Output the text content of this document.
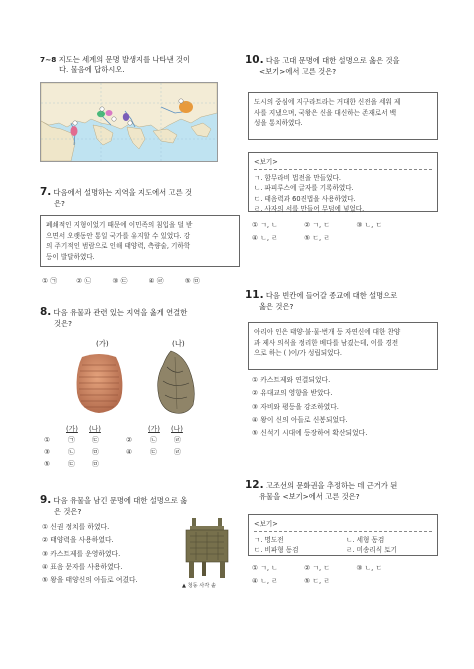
7~8 지도는 세계의 문명 발생지를 나타낸 것이
다. 물음에 답하시오.
7. 다음에서 설명하는 지역을 지도에서 고른 것
은?
폐쇄적인 지형이었기 때문에 이민족의 침입을 덜 받
으면서 오랫동안 통일 국가를 유지할 수 있었다. 강
의 주기적인 범람으로 인해 태양력, 측량술, 기하학
등이 발달하였다.
① ㉠	② ㉡	③ ㉢	④ ㉣	⑤ ㉤
8. 다음 유물과 관련 있는 지역을 옳게 연결한
것은?
(가)	(나)
(가) (나)	(가) (나)
①	㉠	㉢	②	㉡	㉣
③	㉡	㉤	④	㉢	㉣
⑤	㉢	㉤
9. 다음 유물을 남긴 문명에 대한 설명으로 옳
은 것은?
① 신권 정치를 하였다.
② 태양력을 사용하였다.
③ 카스트제를 운영하였다.
④ 표음 문자를 사용하였다.
⑤ 왕을 태양신의 아들로 여겼다.
▲ 청동 사각 솥
10. 다음 고대 문명에 대한 설명으로 옳은 것을
<보기>에서 고른 것은?
도시의 중심에 지구라트라는 거대한 신전을 세워 제
사를 지냈으며, 국왕은 신을 대신하는 존재로서 백
성을 통치하였다.
<보기>
ㄱ. 함무라비 법전을 만들었다.
ㄴ. 파피루스에 글자를 기록하였다.
ㄷ. 태음력과 60진법을 사용하였다.
ㄹ. 사자의 서를 만들어 무덤에 넣었다.
① ㄱ, ㄴ	② ㄱ, ㄷ	③ ㄴ, ㄷ
④ ㄴ, ㄹ	⑤ ㄷ, ㄹ
11. 다음 빈칸에 들어갈 종교에 대한 설명으로
옳은 것은?
아리아 인은 태양·불·물·번개 등 자연신에 대한 찬양
과 제사 의식을 정리한 베다를 남겼는데, 이를 경전
으로 하는 ( )이/가 성립되었다.
① 카스트제와 연결되었다.
② 유대교의 영향을 받았다.
③ 자비와 평등을 강조하였다.
④ 왕이 신의 아들로 신봉되었다.
⑤ 신석기 시대에 등장하여 확산되었다.
12. 고조선의 문화권을 추정하는 데 근거가 된
유물을 <보기>에서 고른 것은?
<보기>
ㄱ. 명도전	ㄴ. 세형 동검
ㄷ. 비파형 동검	ㄹ. 미송리식 토기
① ㄱ, ㄴ	② ㄱ, ㄷ	③ ㄴ, ㄷ
④ ㄴ, ㄹ	⑤ ㄷ, ㄹ
